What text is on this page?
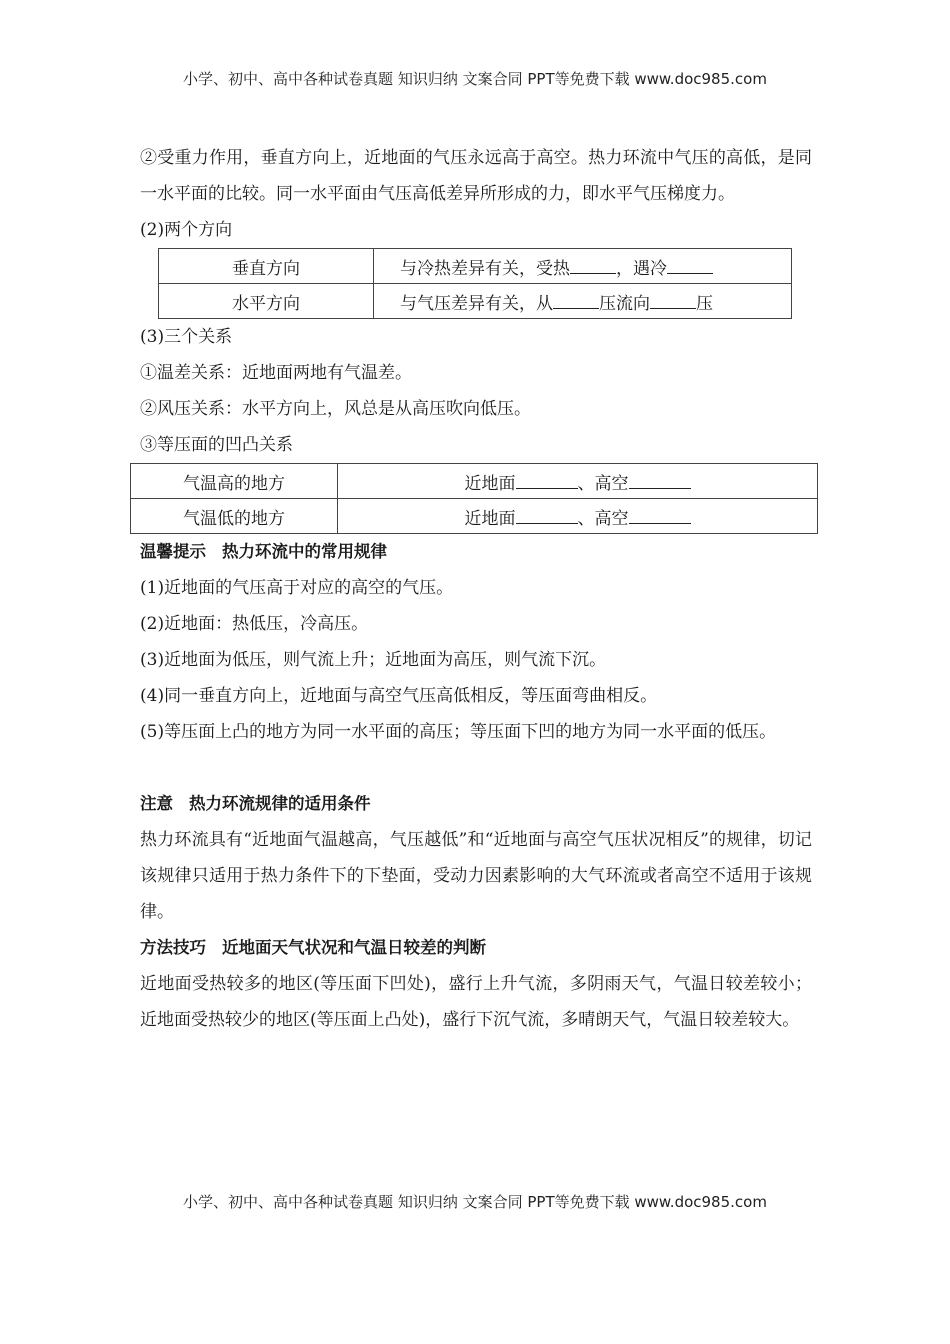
小学、初中、高中各种试卷真题 知识归纳 文案合同 PPT等免费下载 www.doc985.com

②受重力作用，垂直方向上，近地面的气压永远高于高空。热力环流中气压的高低，是同一水平面的比较。同一水平面由气压高低差异所形成的力，即水平气压梯度力。

(2)两个方向

垂直方向	与冷热差异有关，受热 ，遇冷
水平方向	与气压差异有关，从 压流向 压

(3)三个关系

①温差关系：近地面两地有气温差。

②风压关系：水平方向上，风总是从高压吹向低压。

③等压面的凹凸关系

气温高的地方	近地面 、高空
气温低的地方	近地面 、高空

温馨提示 热力环流中的常用规律

(1)近地面的气压高于对应的高空的气压。

(2)近地面：热低压，冷高压。

(3)近地面为低压，则气流上升；近地面为高压，则气流下沉。

(4)同一垂直方向上，近地面与高空气压高低相反，等压面弯曲相反。

(5)等压面上凸的地方为同一水平面的高压；等压面下凹的地方为同一水平面的低压。

注意 热力环流规律的适用条件

热力环流具有“近地面气温越高，气压越低”和“近地面与高空气压状况相反”的规律，切记该规律只适用于热力条件下的下垫面，受动力因素影响的大气环流或者高空不适用于该规律。

方法技巧 近地面天气状况和气温日较差的判断

近地面受热较多的地区(等压面下凹处)，盛行上升气流，多阴雨天气，气温日较差较小；近地面受热较少的地区(等压面上凸处)，盛行下沉气流，多晴朗天气，气温日较差较大。

小学、初中、高中各种试卷真题 知识归纳 文案合同 PPT等免费下载 www.doc985.com
